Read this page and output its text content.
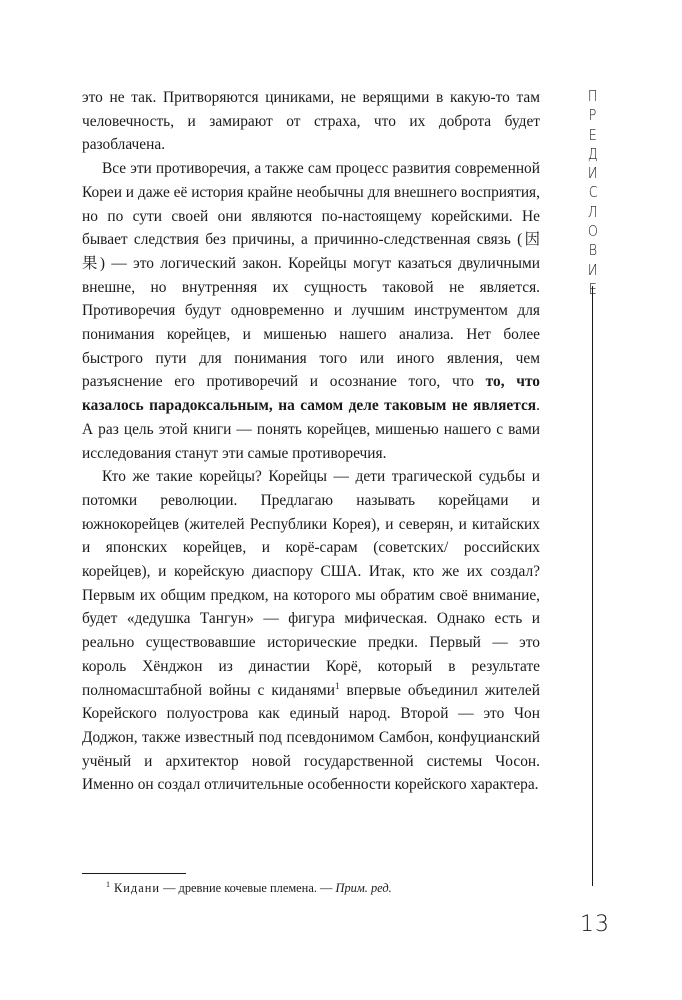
это не так. Притворяются циниками, не верящими в какую-то там человечность, и замирают от страха, что их доброта будет разоблачена.

Все эти противоречия, а также сам процесс развития современной Кореи и даже её история крайне необычны для внешнего восприятия, но по сути своей они являются по-настоящему корейскими. Не бывает следствия без причины, а причинно-следственная связь (因果) — это логический закон. Корейцы могут казаться двуличными внешне, но внутренняя их сущность таковой не является. Противоречия будут одновременно и лучшим инструментом для понимания корейцев, и мишенью нашего анализа. Нет более быстрого пути для понимания того или иного явления, чем разъяснение его противоречий и осознание того, что то, что казалось парадоксальным, на самом деле таковым не является. А раз цель этой книги — понять корейцев, мишенью нашего с вами исследования станут эти самые противоречия.

Кто же такие корейцы? Корейцы — дети трагической судьбы и потомки революции. Предлагаю называть корейцами и южнокорейцев (жителей Республики Корея), и северян, и китайских и японских корейцев, и корё-сарам (советских/ российских корейцев), и корейскую диаспору США. Итак, кто же их создал? Первым их общим предком, на которого мы обратим своё внимание, будет «дедушка Тангун» — фигура мифическая. Однако есть и реально существовавшие исторические предки. Первый — это король Хёнджон из династии Корё, который в результате полномасштабной войны с киданями$^1$ впервые объединил жителей Корейского полуострова как единый народ. Второй — это Чон Доджон, также известный под псевдонимом Самбон, конфуцианский учёный и архитектор новой государственной системы Чосон. Именно он создал отличительные особенности корейского характера.

$^1$ Кидани — древние кочевые племена. — Прим. ред.
П
Р
Е
Д
И
С
Л
О
В
И
Е
13
